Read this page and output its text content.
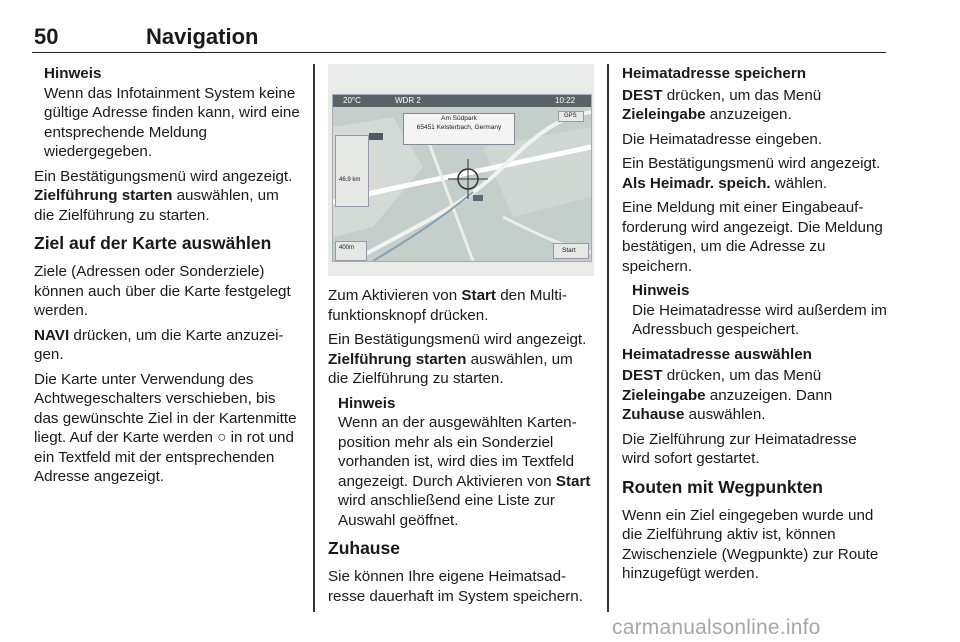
50	Navigation
Hinweis
Wenn das Infotainment System keine gültige Adresse finden kann, wird eine entsprechende Meldung wiedergegeben.

Ein Bestätigungsmenü wird angezeigt. Zielführung starten auswählen, um die Zielführung zu starten.

Ziel auf der Karte auswählen

Ziele (Adressen oder Sonderziele) können auch über die Karte festgelegt werden.

NAVI drücken, um die Karte anzuzeigen.

Die Karte unter Verwendung des Achtwegeschalters verschieben, bis das gewünschte Ziel in der Kartenmitte liegt. Auf der Karte werden ○ in rot und ein Textfeld mit der entsprechenden Adresse angezeigt.

20°C	WDR 2	10:22
GPS
Am Südpark
65451 Kelsterbach, Germany
46.9 km
400m	Start

Zum Aktivieren von Start den Multifunktionsknopf drücken.

Ein Bestätigungsmenü wird angezeigt. Zielführung starten auswählen, um die Zielführung zu starten.

Hinweis
Wenn an der ausgewählten Kartenposition mehr als ein Sonderziel vorhanden ist, wird dies im Textfeld angezeigt. Durch Aktivieren von Start wird anschließend eine Liste zur Auswahl geöffnet.
Zuhause

Sie können Ihre eigene Heimatsadresse dauerhaft im System speichern.

Heimatadresse speichern

DEST drücken, um das Menü Zieleingabe anzuzeigen.

Die Heimatadresse eingeben.

Ein Bestätigungsmenü wird angezeigt. Als Heimadr. speich. wählen.

Eine Meldung mit einer Eingabeaufforderung wird angezeigt. Die Meldung bestätigen, um die Adresse zu speichern.

Hinweis
Die Heimatadresse wird außerdem im Adressbuch gespeichert.
Heimatadresse auswählen

DEST drücken, um das Menü Zieleingabe anzuzeigen. Dann Zuhause auswählen.

Die Zielführung zur Heimatadresse wird sofort gestartet.

Routen mit Wegpunkten

Wenn ein Ziel eingegeben wurde und die Zielführung aktiv ist, können Zwischenziele (Wegpunkte) zur Route hinzugefügt werden.

carmanualsonline.info
